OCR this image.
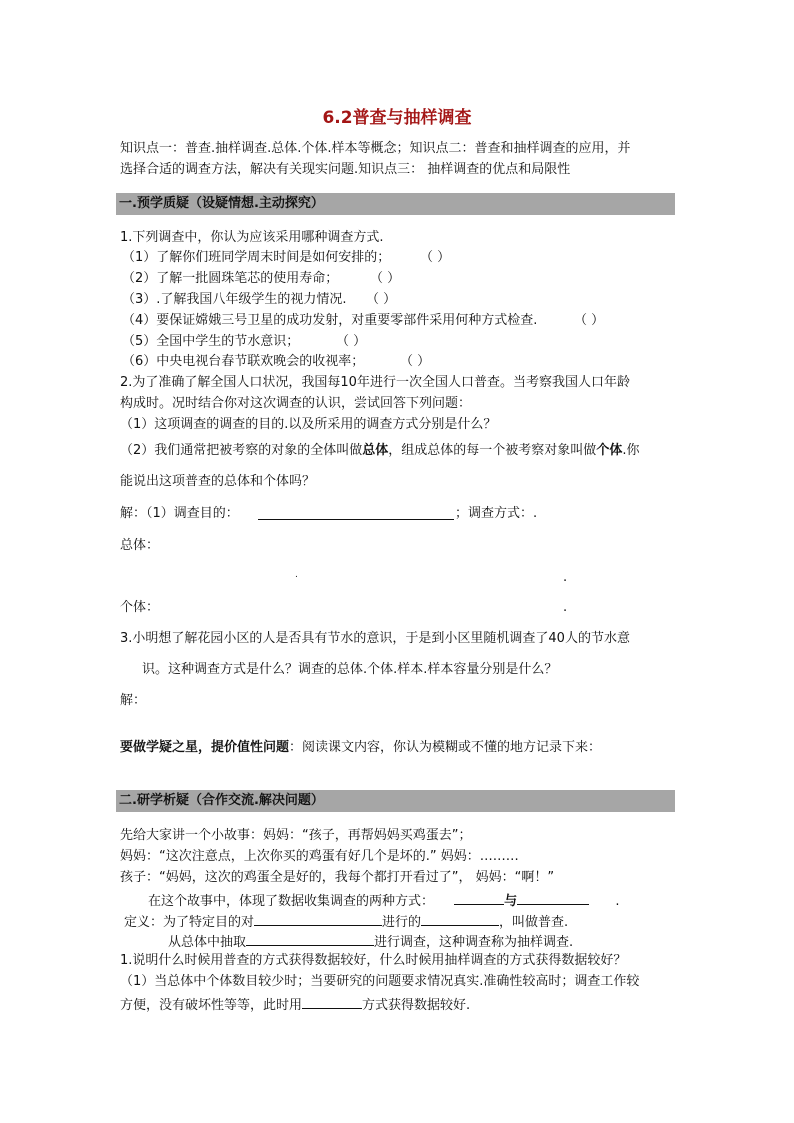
6.2普查与抽样调查
知识点一：普查.抽样调查.总体.个体.样本等概念；知识点二：普查和抽样调查的应用，并
选择合适的调查方法，解决有关现实问题.知识点三： 抽样调查的优点和局限性
一.预学质疑（设疑情想.主动探究）
1.下列调查中，你认为应该采用哪种调查方式.
（1）了解你们班同学周末时间是如何安排的； （ ）
（2）了解一批圆珠笔芯的使用寿命； （ ）
（3）.了解我国八年级学生的视力情况. （ ）
（4）要保证嫦娥三号卫星的成功发射，对重要零部件采用何种方式检查.	（ ）
（5）全国中学生的节水意识；	（ ）
（6）中央电视台春节联欢晚会的收视率；	（ ）
2.为了准确了解全国人口状况，我国每10年进行一次全国人口普查。当考察我国人口年龄
构成时。况时结合你对这次调查的认识，尝试回答下列问题：
（1）这项调查的调查的目的.以及所采用的调查方式分别是什么？
（2）我们通常把被考察的对象的全体叫做总体，组成总体的每一个被考察对象叫做个体.你
能说出这项普查的总体和个体吗？
解：（1）调查目的：	；调查方式：.
总体：
.	.
个体：	.
3.小明想了解花园小区的人是否具有节水的意识，于是到小区里随机调查了40人的节水意
识。这种调查方式是什么？调查的总体.个体.样本.样本容量分别是什么？
解：
要做学疑之星，提价值性问题：阅读课文内容，你认为模糊或不懂的地方记录下来：
二.研学析疑（合作交流.解决问题）
先给大家讲一个小故事：妈妈：“孩子，再帮妈妈买鸡蛋去”；
妈妈：“这次注意点，上次你买的鸡蛋有好几个是坏的.” 妈妈：………
孩子：“妈妈，这次的鸡蛋全是好的，我每个都打开看过了”， 妈妈：“啊！”
在这个故事中，体现了数据收集调查的两种方式：	与	.
定义：为了特定目的对	进行的	，叫做普查.
从总体中抽取	进行调查，这种调查称为抽样调查.
1.说明什么时候用普查的方式获得数据较好，什么时候用抽样调查的方式获得数据较好？
（1）当总体中个体数目较少时；当要研究的问题要求情况真实.准确性较高时；调查工作较
方便，没有破坏性等等，此时用	方式获得数据较好.
